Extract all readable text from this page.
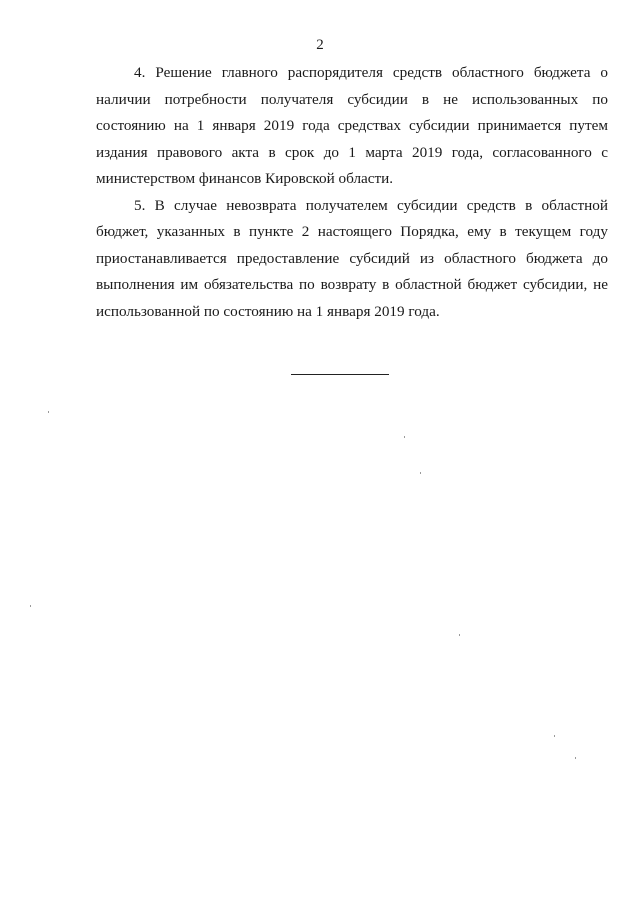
2

4. Решение главного распорядителя средств областного бюджета о наличии потребности получателя субсидии в не использованных по состоянию на 1 января 2019 года средствах субсидии принимается путем издания правового акта в срок до 1 марта 2019 года, согласованного с министерством финансов Кировской области.

5. В случае невозврата получателем субсидии средств в областной бюджет, указанных в пункте 2 настоящего Порядка, ему в текущем году приостанавливается предоставление субсидий из областного бюджета до выполнения им обязательства по возврату в областной бюджет субсидии, не использованной по состоянию на 1 января 2019 года.
